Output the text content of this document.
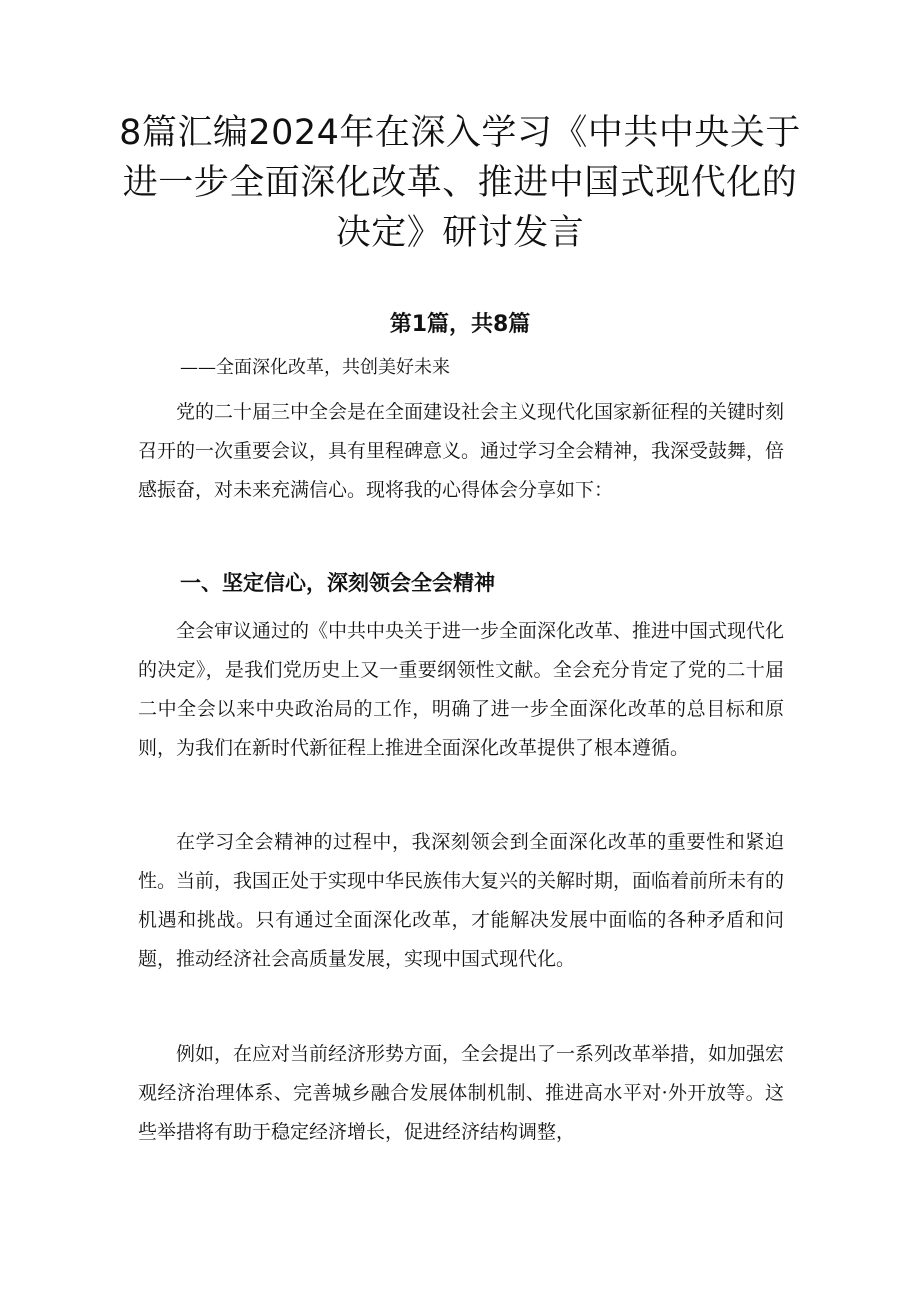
8篇汇编2024年在深入学习《中共中央关于进一步全面深化改革、推进中国式现代化的决定》研讨发言
第1篇，共8篇

——全面深化改革，共创美好未来

党的二十届三中全会是在全面建设社会主义现代化国家新征程的关键时刻召开的一次重要会议，具有里程碑意义。通过学习全会精神，我深受鼓舞，倍感振奋，对未来充满信心。现将我的心得体会分享如下：

一、坚定信心，深刻领会全会精神

全会审议通过的《中共中央关于进一步全面深化改革、推进中国式现代化的决定》，是我们党历史上又一重要纲领性文献。全会充分肯定了党的二十届二中全会以来中央政治局的工作，明确了进一步全面深化改革的总目标和原则，为我们在新时代新征程上推进全面深化改革提供了根本遵循。

在学习全会精神的过程中，我深刻领会到全面深化改革的重要性和紧迫性。当前，我国正处于实现中华民族伟大复兴的关解时期，面临着前所未有的机遇和挑战。只有通过全面深化改革，才能解决发展中面临的各种矛盾和问题，推动经济社会高质量发展，实现中国式现代化。

例如，在应对当前经济形势方面，全会提出了一系列改革举措，如加强宏观经济治理体系、完善城乡融合发展体制机制、推进高水平对·外开放等。这些举措将有助于稳定经济增长，促进经济结构调整，
